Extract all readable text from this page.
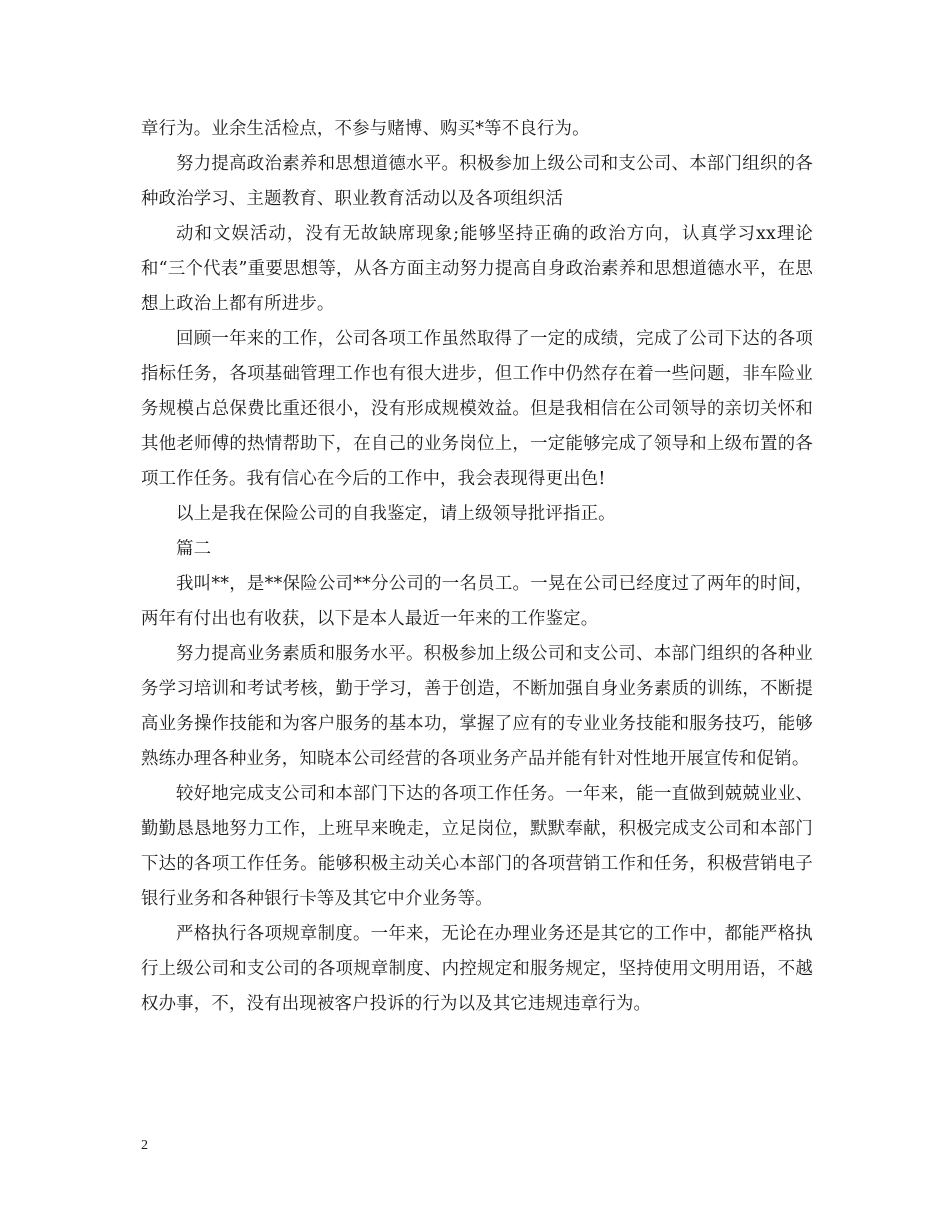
章行为。业余生活检点，不参与赌博、购买*等不良行为。

努力提高政治素养和思想道德水平。积极参加上级公司和支公司、本部门组织的各种政治学习、主题教育、职业教育活动以及各项组织活

动和文娱活动，没有无故缺席现象;能够坚持正确的政治方向，认真学习xx理论和“三个代表”重要思想等，从各方面主动努力提高自身政治素养和思想道德水平，在思想上政治上都有所进步。

回顾一年来的工作，公司各项工作虽然取得了一定的成绩，完成了公司下达的各项指标任务，各项基础管理工作也有很大进步，但工作中仍然存在着一些问题，非车险业务规模占总保费比重还很小，没有形成规模效益。但是我相信在公司领导的亲切关怀和其他老师傅的热情帮助下，在自己的业务岗位上，一定能够完成了领导和上级布置的各项工作任务。我有信心在今后的工作中，我会表现得更出色!

以上是我在保险公司的自我鉴定，请上级领导批评指正。

篇二

我叫**，是**保险公司**分公司的一名员工。一晃在公司已经度过了两年的时间，两年有付出也有收获，以下是本人最近一年来的工作鉴定。

努力提高业务素质和服务水平。积极参加上级公司和支公司、本部门组织的各种业务学习培训和考试考核，勤于学习，善于创造，不断加强自身业务素质的训练，不断提高业务操作技能和为客户服务的基本功，掌握了应有的专业业务技能和服务技巧，能够熟练办理各种业务，知晓本公司经营的各项业务产品并能有针对性地开展宣传和促销。

较好地完成支公司和本部门下达的各项工作任务。一年来，能一直做到兢兢业业、勤勤恳恳地努力工作，上班早来晚走，立足岗位，默默奉献，积极完成支公司和本部门下达的各项工作任务。能够积极主动关心本部门的各项营销工作和任务，积极营销电子银行业务和各种银行卡等及其它中介业务等。

严格执行各项规章制度。一年来，无论在办理业务还是其它的工作中，都能严格执行上级公司和支公司的各项规章制度、内控规定和服务规定，坚持使用文明用语，不越权办事，不，没有出现被客户投诉的行为以及其它违规违章行为。

2
